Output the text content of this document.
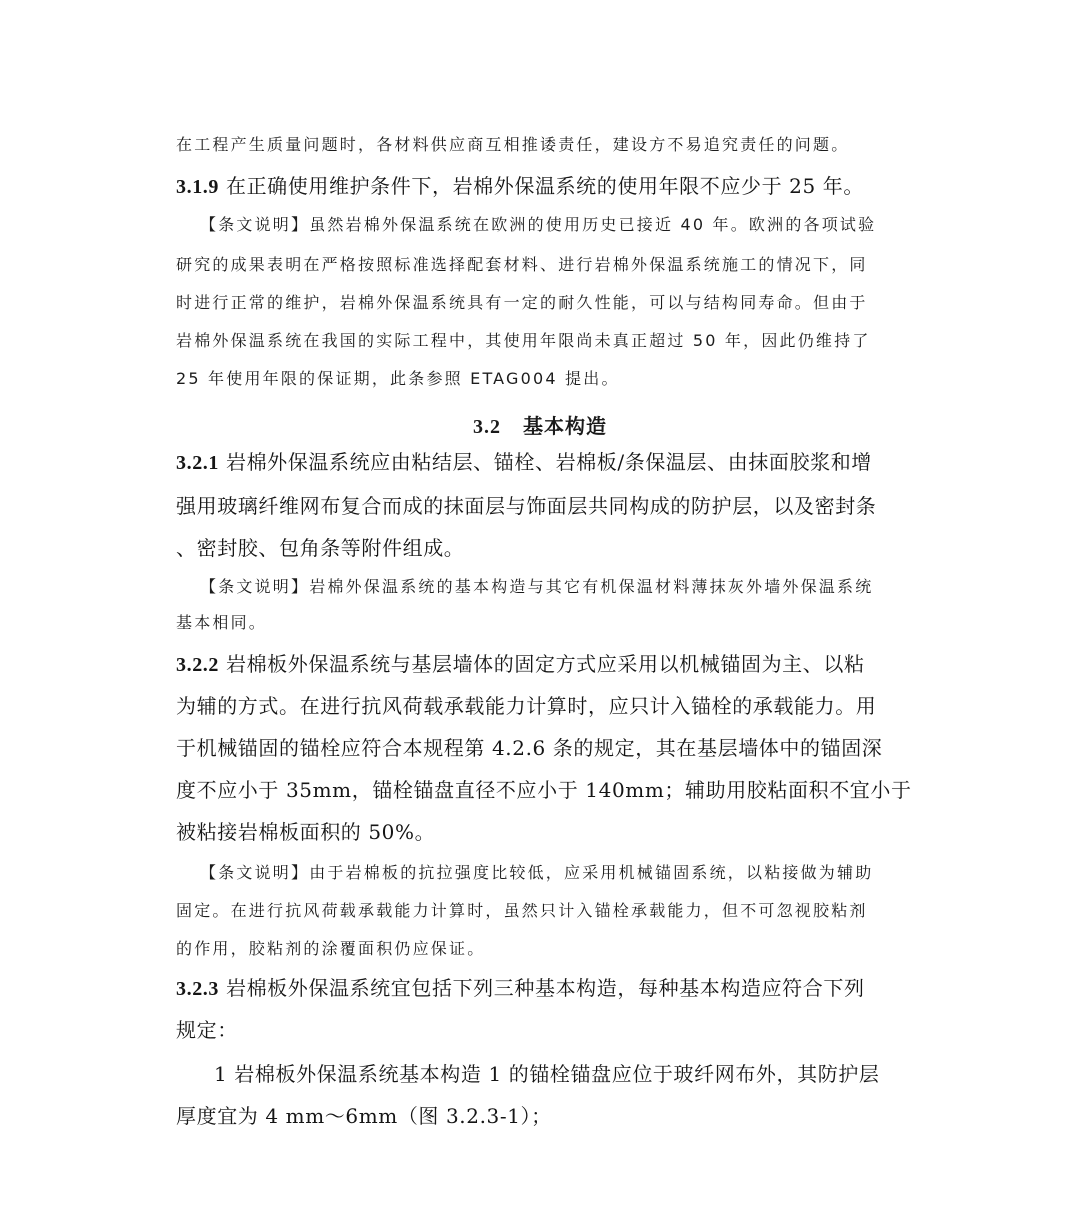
在工程产生质量问题时，各材料供应商互相推诿责任，建设方不易追究责任的问题。
3.1.9 在正确使用维护条件下，岩棉外保温系统的使用年限不应少于 25 年。
【条文说明】虽然岩棉外保温系统在欧洲的使用历史已接近 40 年。欧洲的各项试验
研究的成果表明在严格按照标准选择配套材料、进行岩棉外保温系统施工的情况下，同
时进行正常的维护，岩棉外保温系统具有一定的耐久性能，可以与结构同寿命。但由于
岩棉外保温系统在我国的实际工程中，其使用年限尚未真正超过 50 年，因此仍维持了
25 年使用年限的保证期，此条参照 ETAG004 提出。
3.2 基本构造
3.2.1 岩棉外保温系统应由粘结层、锚栓、岩棉板/条保温层、由抹面胶浆和增
强用玻璃纤维网布复合而成的抹面层与饰面层共同构成的防护层，以及密封条
、密封胶、包角条等附件组成。
【条文说明】岩棉外保温系统的基本构造与其它有机保温材料薄抹灰外墙外保温系统
基本相同。
3.2.2 岩棉板外保温系统与基层墙体的固定方式应采用以机械锚固为主、以粘
为辅的方式。在进行抗风荷载承载能力计算时，应只计入锚栓的承载能力。用
于机械锚固的锚栓应符合本规程第 4.2.6 条的规定，其在基层墙体中的锚固深
度不应小于 35mm，锚栓锚盘直径不应小于 140mm；辅助用胶粘面积不宜小于
被粘接岩棉板面积的 50%。
【条文说明】由于岩棉板的抗拉强度比较低，应采用机械锚固系统，以粘接做为辅助
固定。在进行抗风荷载承载能力计算时，虽然只计入锚栓承载能力，但不可忽视胶粘剂
的作用，胶粘剂的涂覆面积仍应保证。
3.2.3 岩棉板外保温系统宜包括下列三种基本构造，每种基本构造应符合下列
规定：
1 岩棉板外保温系统基本构造 1 的锚栓锚盘应位于玻纤网布外，其防护层
厚度宜为 4 mm～6mm（图 3.2.3-1）；
